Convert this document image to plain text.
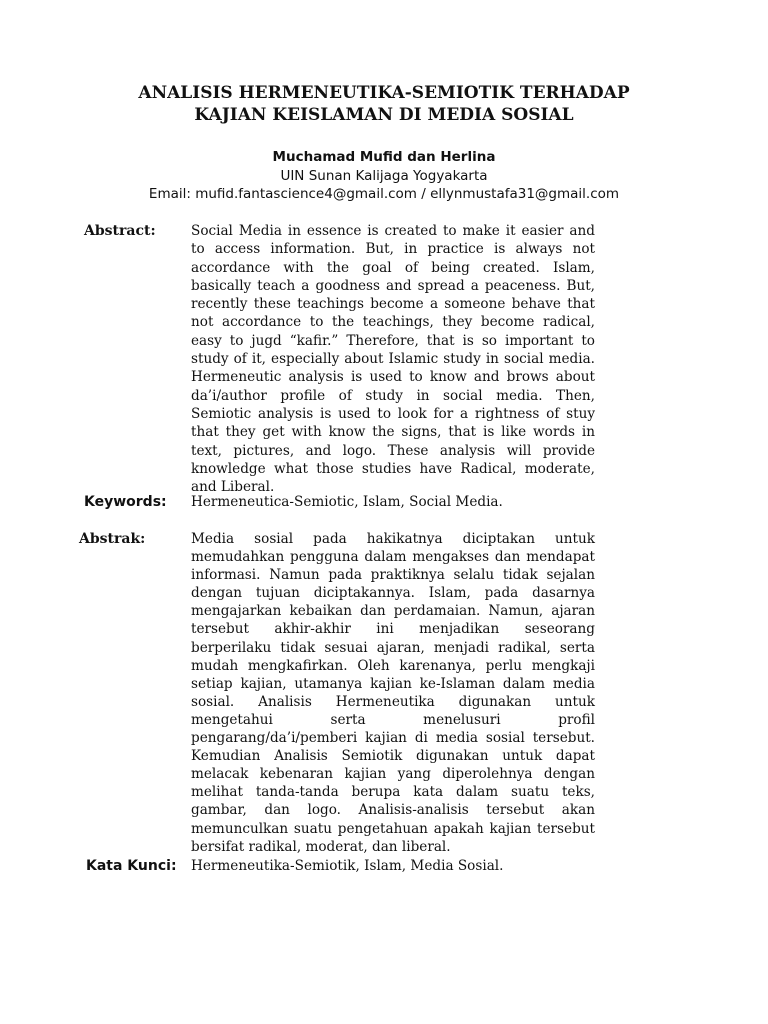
ANALISIS HERMENEUTIKA-SEMIOTIK TERHADAP
KAJIAN KEISLAMAN DI MEDIA SOSIAL
Muchamad Mufid dan Herlina
UIN Sunan Kalijaga Yogyakarta
Email: mufid.fantascience4@gmail.com / ellynmustafa31@gmail.com
Abstract:	Social Media in essence is created to make it easier and to access information. But, in practice is always not accordance with the goal of being created. Islam, basically teach a goodness and spread a peaceness. But, recently these teachings become a someone behave that not accordance to the teachings, they become radical, easy to jugd “kafir.” Therefore, that is so important to study of it, especially about Islamic study in social media. Hermeneutic analysis is used to know and brows about da’i/author profile of study in social media. Then, Semiotic analysis is used to look for a rightness of stuy that they get with know the signs, that is like words in text, pictures, and logo. These analysis will provide knowledge what those studies have Radical, moderate, and Liberal.

Keywords: Hermeneutica-Semiotic, Islam, Social Media.
Abstrak:	Media sosial pada hakikatnya diciptakan untuk memudahkan pengguna dalam mengakses dan mendapat informasi. Namun pada praktiknya selalu tidak sejalan dengan tujuan diciptakannya. Islam, pada dasarnya mengajarkan kebaikan dan perdamaian. Namun, ajaran tersebut akhir-akhir ini menjadikan seseorang berperilaku tidak sesuai ajaran, menjadi radikal, serta mudah mengkafirkan. Oleh karenanya, perlu mengkaji setiap kajian, utamanya kajian ke-Islaman dalam media sosial. Analisis Hermeneutika digunakan untuk mengetahui serta menelusuri profil pengarang/da’i/pemberi kajian di media sosial tersebut. Kemudian Analisis Semiotik digunakan untuk dapat melacak kebenaran kajian yang diperolehnya dengan melihat tanda-tanda berupa kata dalam suatu teks, gambar, dan logo. Analisis-analisis tersebut akan memunculkan suatu pengetahuan apakah kajian tersebut bersifat radikal, moderat, dan liberal.

Kata Kunci: Hermeneutika-Semiotik, Islam, Media Sosial.
